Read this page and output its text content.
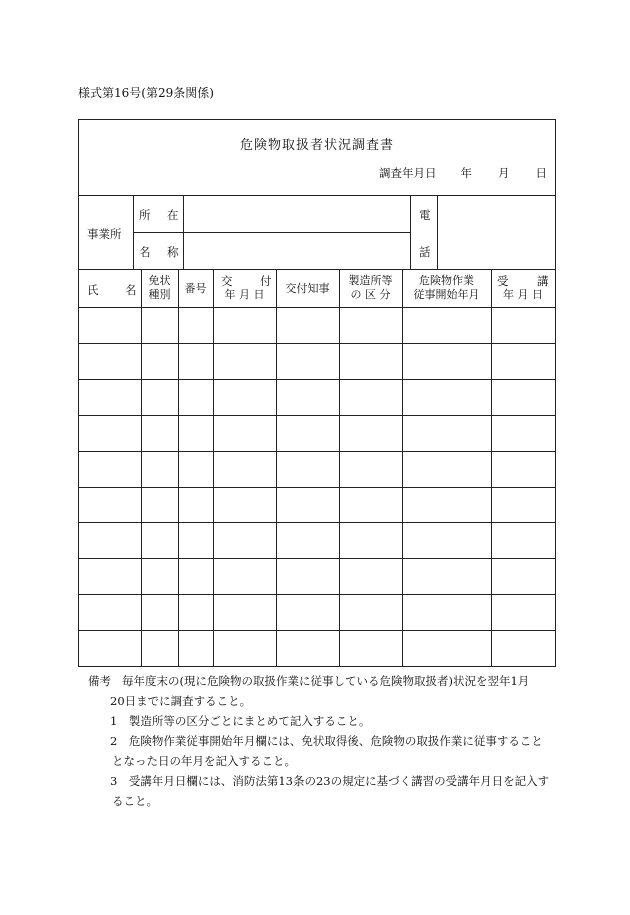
様式第16号(第29条関係)
危険物取扱者状況調査書
調査年月日 年 月 日
事業所
所 在
名 称
電
話
氏 名
免状
種別	番号
交 付
年 月 日	交付知事
製造所等
の 区 分
危険物作業
従事開始年月
受 講
年 月 日
備考 毎年度末の(現に危険物の取扱作業に従事している危険物取扱者)状況を翌年1月
20日までに調査すること。
1　製造所等の区分ごとにまとめて記入すること。
2　危険物作業従事開始年月欄には、免状取得後、危険物の取扱作業に従事すること
となった日の年月を記入すること。
3　受講年月日欄には、消防法第13条の23の規定に基づく講習の受講年月日を記入す
ること。
